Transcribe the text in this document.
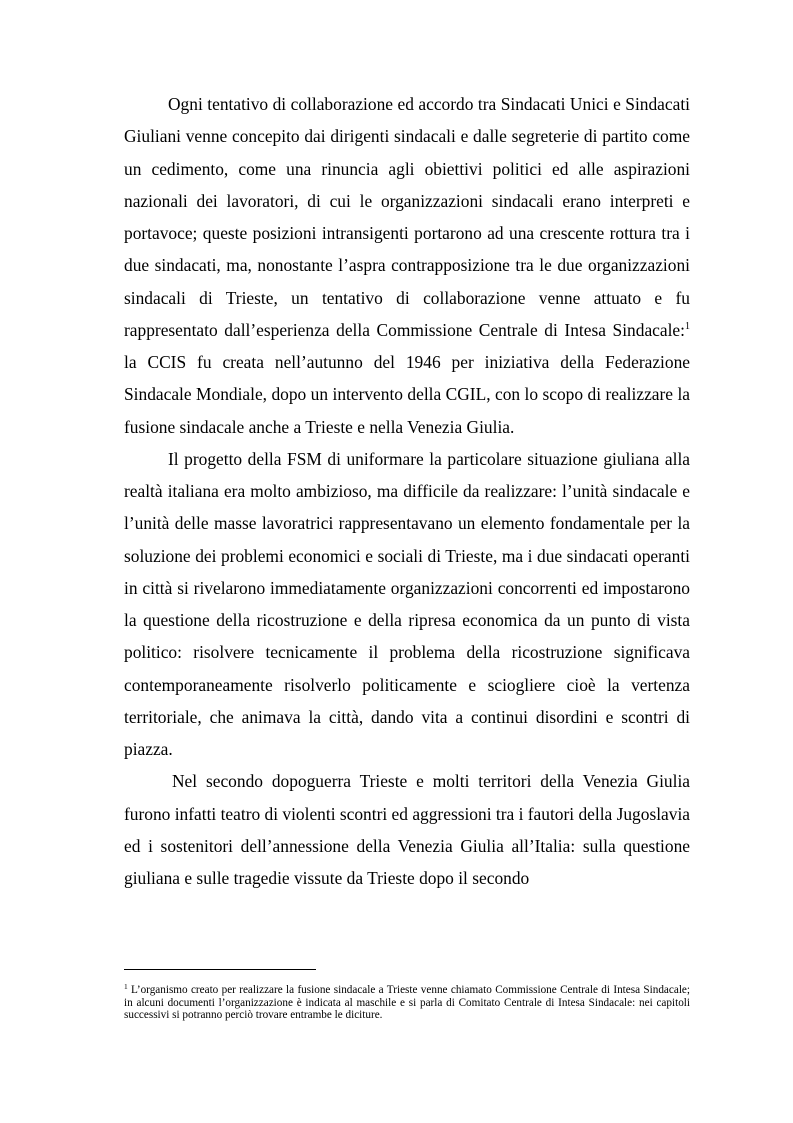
Ogni tentativo di collaborazione ed accordo tra Sindacati Unici e Sindacati Giuliani venne concepito dai dirigenti sindacali e dalle segreterie di partito come un cedimento, come una rinuncia agli obiettivi politici ed alle aspirazioni nazionali dei lavoratori, di cui le organizzazioni sindacali erano interpreti e portavoce; queste posizioni intransigenti portarono ad una crescente rottura tra i due sindacati, ma, nonostante l’aspra contrapposizione tra le due organizzazioni sindacali di Trieste, un tentativo di collaborazione venne attuato e fu rappresentato dall’esperienza della Commissione Centrale di Intesa Sindacale:$^1$ la CCIS fu creata nell’autunno del 1946 per iniziativa della Federazione Sindacale Mondiale, dopo un intervento della CGIL, con lo scopo di realizzare la fusione sindacale anche a Trieste e nella Venezia Giulia.

Il progetto della FSM di uniformare la particolare situazione giuliana alla realtà italiana era molto ambizioso, ma difficile da realizzare: l’unità sindacale e l’unità delle masse lavoratrici rappresentavano un elemento fondamentale per la soluzione dei problemi economici e sociali di Trieste, ma i due sindacati operanti in città si rivelarono immediatamente organizzazioni concorrenti ed impostarono la questione della ricostruzione e della ripresa economica da un punto di vista politico: risolvere tecnicamente il problema della ricostruzione significava contemporaneamente risolverlo politicamente e sciogliere cioè la vertenza territoriale, che animava la città, dando vita a continui disordini e scontri di piazza.

Nel secondo dopoguerra Trieste e molti territori della Venezia Giulia furono infatti teatro di violenti scontri ed aggressioni tra i fautori della Jugoslavia ed i sostenitori dell’annessione della Venezia Giulia all’Italia: sulla questione giuliana e sulle tragedie vissute da Trieste dopo il secondo

$^1$ L’organismo creato per realizzare la fusione sindacale a Trieste venne chiamato Commissione Centrale di Intesa Sindacale; in alcuni documenti l’organizzazione è indicata al maschile e si parla di Comitato Centrale di Intesa Sindacale: nei capitoli successivi si potranno perciò trovare entrambe le diciture.
